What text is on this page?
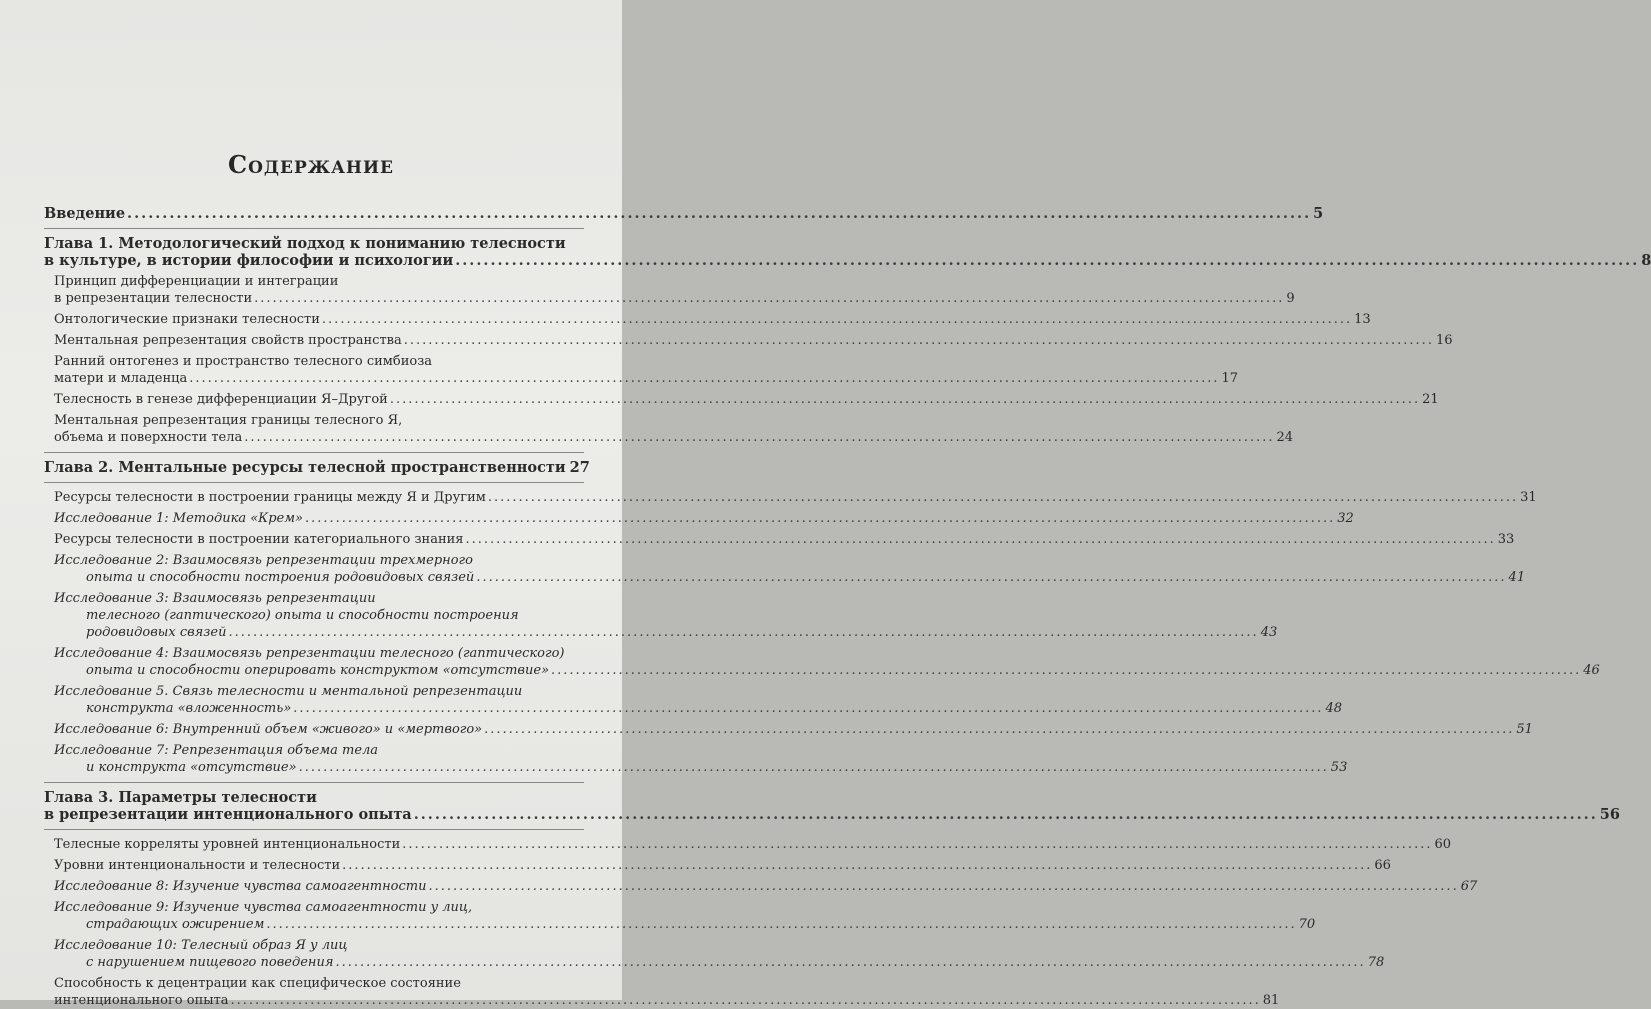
Содержание
Введение .....	5
Глава 1. Методологический подход к пониманию телесности
в культуре, в истории философии и психологии .....	8
Принцип дифференциации и интеграции
в репрезентации телесности .....	9
Онтологические признаки телесности .....	13
Ментальная репрезентация свойств пространства .....	16
Ранний онтогенез и пространство телесного симбиоза
матери и младенца .....	17
Телесность в генезе дифференциации Я–Другой .....	21
Ментальная репрезентация границы телесного Я,
объема и поверхности тела .....	24
Глава 2. Ментальные ресурсы телесной пространственности 27
Ресурсы телесности в построении границы между Я и Другим .....	31
Исследование 1: Методика «Крем» .....	32
Ресурсы телесности в построении категориального знания .....	33
Исследование 2: Взаимосвязь репрезентации трехмерного
опыта и способности построения родовидовых связей .....	41
Исследование 3: Взаимосвязь репрезентации
телесного (гаптического) опыта и способности построения
родовидовых связей .....	43
Исследование 4: Взаимосвязь репрезентации телесного (гаптического)
опыта и способности оперировать конструктом «отсутствие» .....	46
Исследование 5. Связь телесности и ментальной репрезентации
конструкта «вложенность» .....	48
Исследование 6: Внутренний объем «живого» и «мертвого» .....	51
Исследование 7: Репрезентация объема тела
и конструкта «отсутствие» .....	53
Глава 3. Параметры телесности
в репрезентации интенционального опыта .....	56
Телесные корреляты уровней интенциональности .....	60
Уровни интенциональности и телесности .....	66
Исследование 8: Изучение чувства самоагентности .....	67
Исследование 9: Изучение чувства самоагентности у лиц,
страдающих ожирением .....	70
Исследование 10: Телесный образ Я у лиц
с нарушением пищевого поведения .....	78
Способность к децентрации как специфическое состояние
интенционального опыта .....	81
